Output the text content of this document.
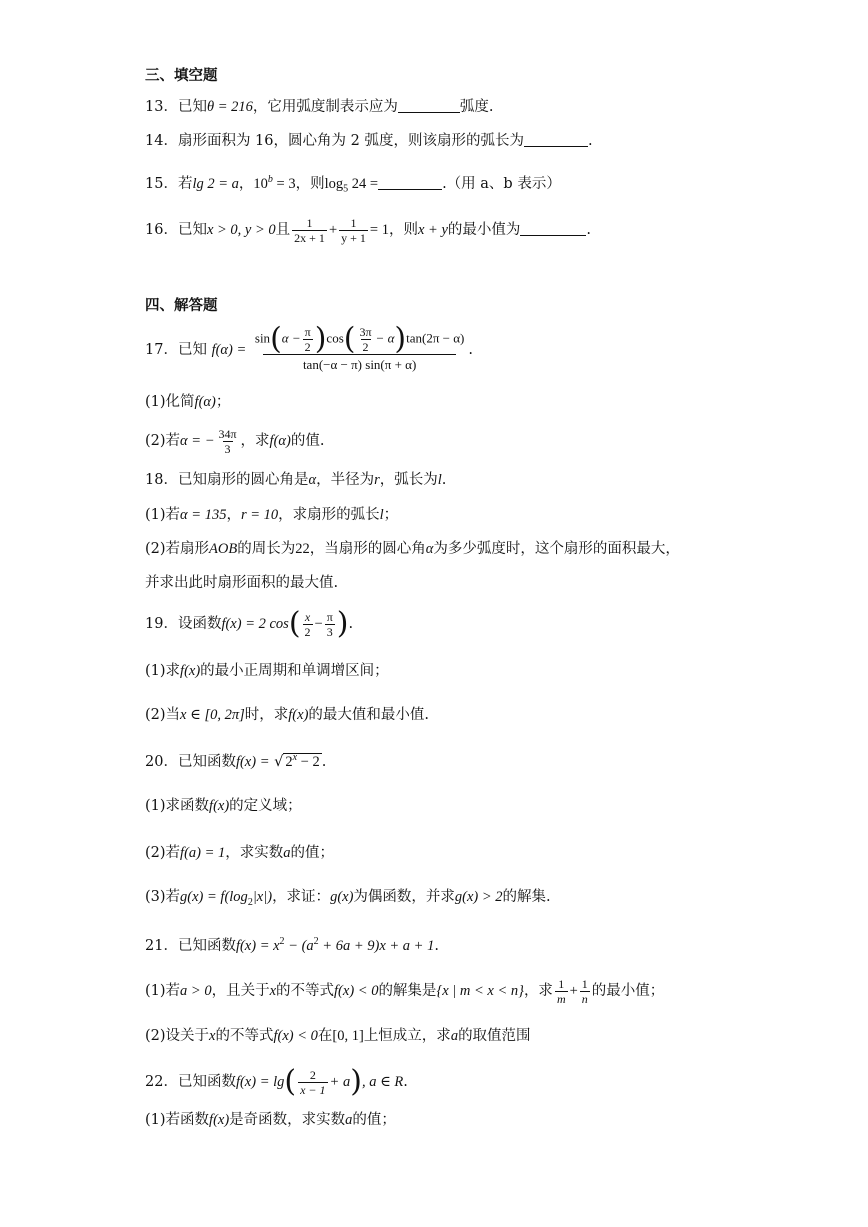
三、填空题
13．已知θ = 216，它用弧度制表示应为	弧度.
14．扇形面积为 16，圆心角为 2 弧度，则该扇形的弧长为	.
15．若lg 2 = a，$10^b = 3$，则$\log_5 24$ =	.（用 a、b 表示）
16．已知x > 0, y > 0且 $\frac{1}{2x + 1} + \frac{1}{y + 1} = 1$，则x + y的最小值为	.
四、解答题
17．已知 $f(\alpha) = \frac{\sin(\alpha - \frac{\pi}{2} )\cos( \frac{3\pi}{2} - \alpha)\tan(2\pi - \alpha)}{\tan(-\alpha - \pi) \sin(\pi + \alpha)}$ .
(1)化简f(α)；
(2)若α = − $\frac{34\pi}{3}$ ，求f(α)的值.
18．已知扇形的圆心角是α，半径为r，弧长为l.
(1)若α = 135，r = 10，求扇形的弧长l；
(2)若扇形AOB的周长为22，当扇形的圆心角α为多少弧度时，这个扇形的面积最大，
并求出此时扇形面积的最大值.
19．设函数f(x) = 2 $\cos( \frac{x}{2} - \frac{\pi}{3}$ ).
(1)求f(x)的最小正周期和单调增区间；
(2)当x ∈ [0, 2π]时，求f(x)的最大值和最小值.
20．已知函数f(x) = √ $2^x - 2$ .
(1)求函数f(x)的定义域；
(2)若f(a) = 1，求实数a的值；
(3)若$g(x) = f(\log_2|x|)$，求证：g(x)为偶函数，并求g(x) > 2的解集.
21．已知函数$f(x) = x^2 - (a^2 + 6a + 9)x + a + 1$.
(1)若a > 0，且关于x的不等式f(x) < 0的解集是{x | m < x < n}，求 $\frac{1}{m} + \frac{1}{n}$ 的最小值；
(2)设关于x的不等式f(x) < 0在[0, 1]上恒成立，求a的取值范围
22．已知函数$f(x) = \lg( \frac{2}{x - 1} + a)$, a ∈ R.
(1)若函数f(x)是奇函数，求实数a的值；
